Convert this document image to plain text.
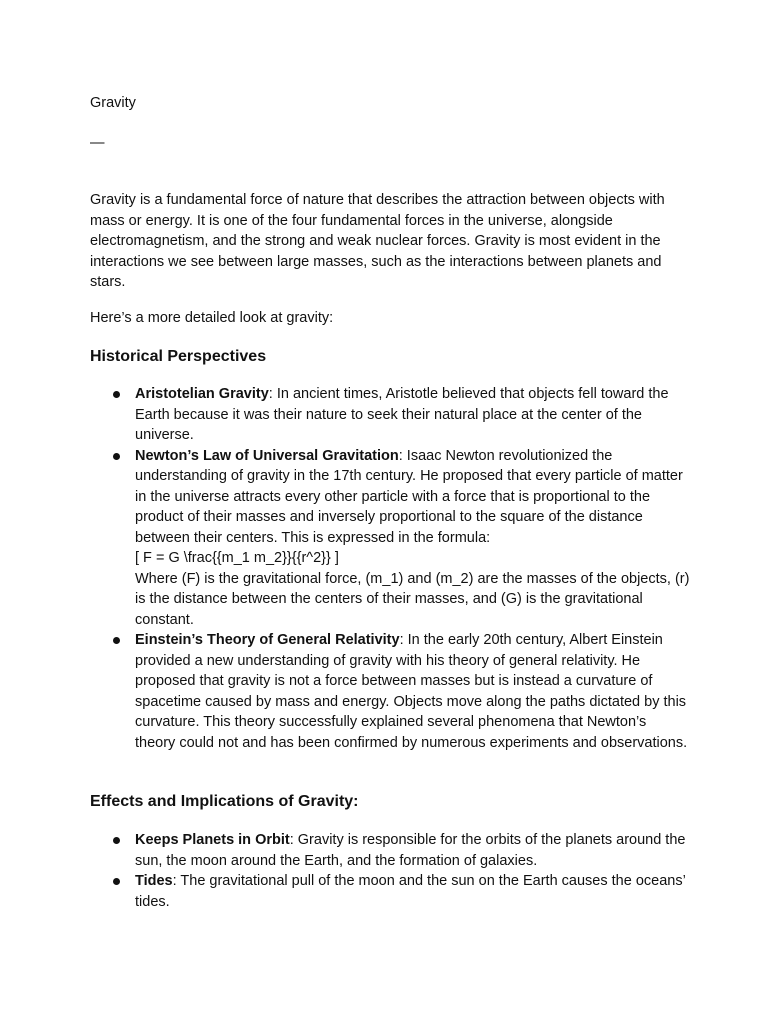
Gravity
—

Gravity is a fundamental force of nature that describes the attraction between objects with mass or energy. It is one of the four fundamental forces in the universe, alongside electromagnetism, and the strong and weak nuclear forces. Gravity is most evident in the interactions we see between large masses, such as the interactions between planets and stars.

Here’s a more detailed look at gravity:

Historical Perspectives
Aristotelian Gravity: In ancient times, Aristotle believed that objects fell toward the Earth because it was their nature to seek their natural place at the center of the universe.
Newton’s Law of Universal Gravitation: Isaac Newton revolutionized the understanding of gravity in the 17th century. He proposed that every particle of matter in the universe attracts every other particle with a force that is proportional to the product of their masses and inversely proportional to the square of the distance between their centers. This is expressed in the formula:
[ F = G \frac{{m_1 m_2}}{{r^2}} ]
Where (F) is the gravitational force, (m_1) and (m_2) are the masses of the objects, (r) is the distance between the centers of their masses, and (G) is the gravitational constant.
Einstein’s Theory of General Relativity: In the early 20th century, Albert Einstein provided a new understanding of gravity with his theory of general relativity. He proposed that gravity is not a force between masses but is instead a curvature of spacetime caused by mass and energy. Objects move along the paths dictated by this curvature. This theory successfully explained several phenomena that Newton’s theory could not and has been confirmed by numerous experiments and observations.
Effects and Implications of Gravity:
Keeps Planets in Orbit: Gravity is responsible for the orbits of the planets around the sun, the moon around the Earth, and the formation of galaxies.
Tides: The gravitational pull of the moon and the sun on the Earth causes the oceans’ tides.
